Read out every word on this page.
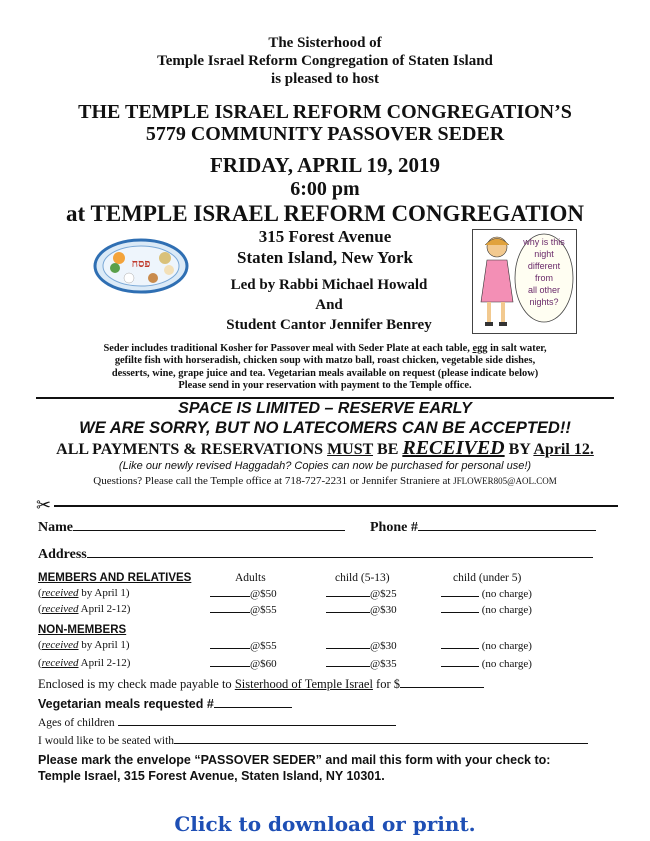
The Sisterhood of
Temple Israel Reform Congregation of Staten Island
is pleased to host
THE TEMPLE ISRAEL REFORM CONGREGATION’S
5779 COMMUNITY PASSOVER SEDER
FRIDAY, APRIL 19, 2019
6:00 pm
at TEMPLE ISRAEL REFORM CONGREGATION
315 Forest Avenue
Staten Island, New York
Led by Rabbi Michael Howald
And
Student Cantor Jennifer Benrey
פסח
why is this
night
different
from
all other
nights?
Seder includes traditional Kosher for Passover meal with Seder Plate at each table, egg in salt water,
gefilte fish with horseradish, chicken soup with matzo ball, roast chicken, vegetable side dishes,
desserts, wine, grape juice and tea. Vegetarian meals available on request (please indicate below)
Please send in your reservation with payment to the Temple office.
SPACE IS LIMITED – RESERVE EARLY
WE ARE SORRY, BUT NO LATECOMERS CAN BE ACCEPTED!!
ALL PAYMENTS & RESERVATIONS MUST BE RECEIVED BY April 12.
(Like our newly revised Haggadah? Copies can now be purchased for personal use!)
Questions? Please call the Temple office at 718-727-2231 or Jennifer Straniere at JFLOWER805@AOL.COM
✂
Name	Phone #
Address
MEMBERS AND RELATIVES	Adults	child (5-13)	child (under 5)
(received by April 1)	@$50	@$25	(no charge)
(received April 2-12)	@$55	@$30	(no charge)
NON-MEMBERS
(received by April 1)	@$55	@$30	(no charge)
(received April 2-12)	@$60	@$35	(no charge)
Enclosed is my check made payable to Sisterhood of Temple Israel for $
Vegetarian meals requested #
Ages of children
I would like to be seated with
Please mark the envelope “PASSOVER SEDER” and mail this form with your check to:
Temple Israel, 315 Forest Avenue, Staten Island, NY 10301.
Click to download or print.
